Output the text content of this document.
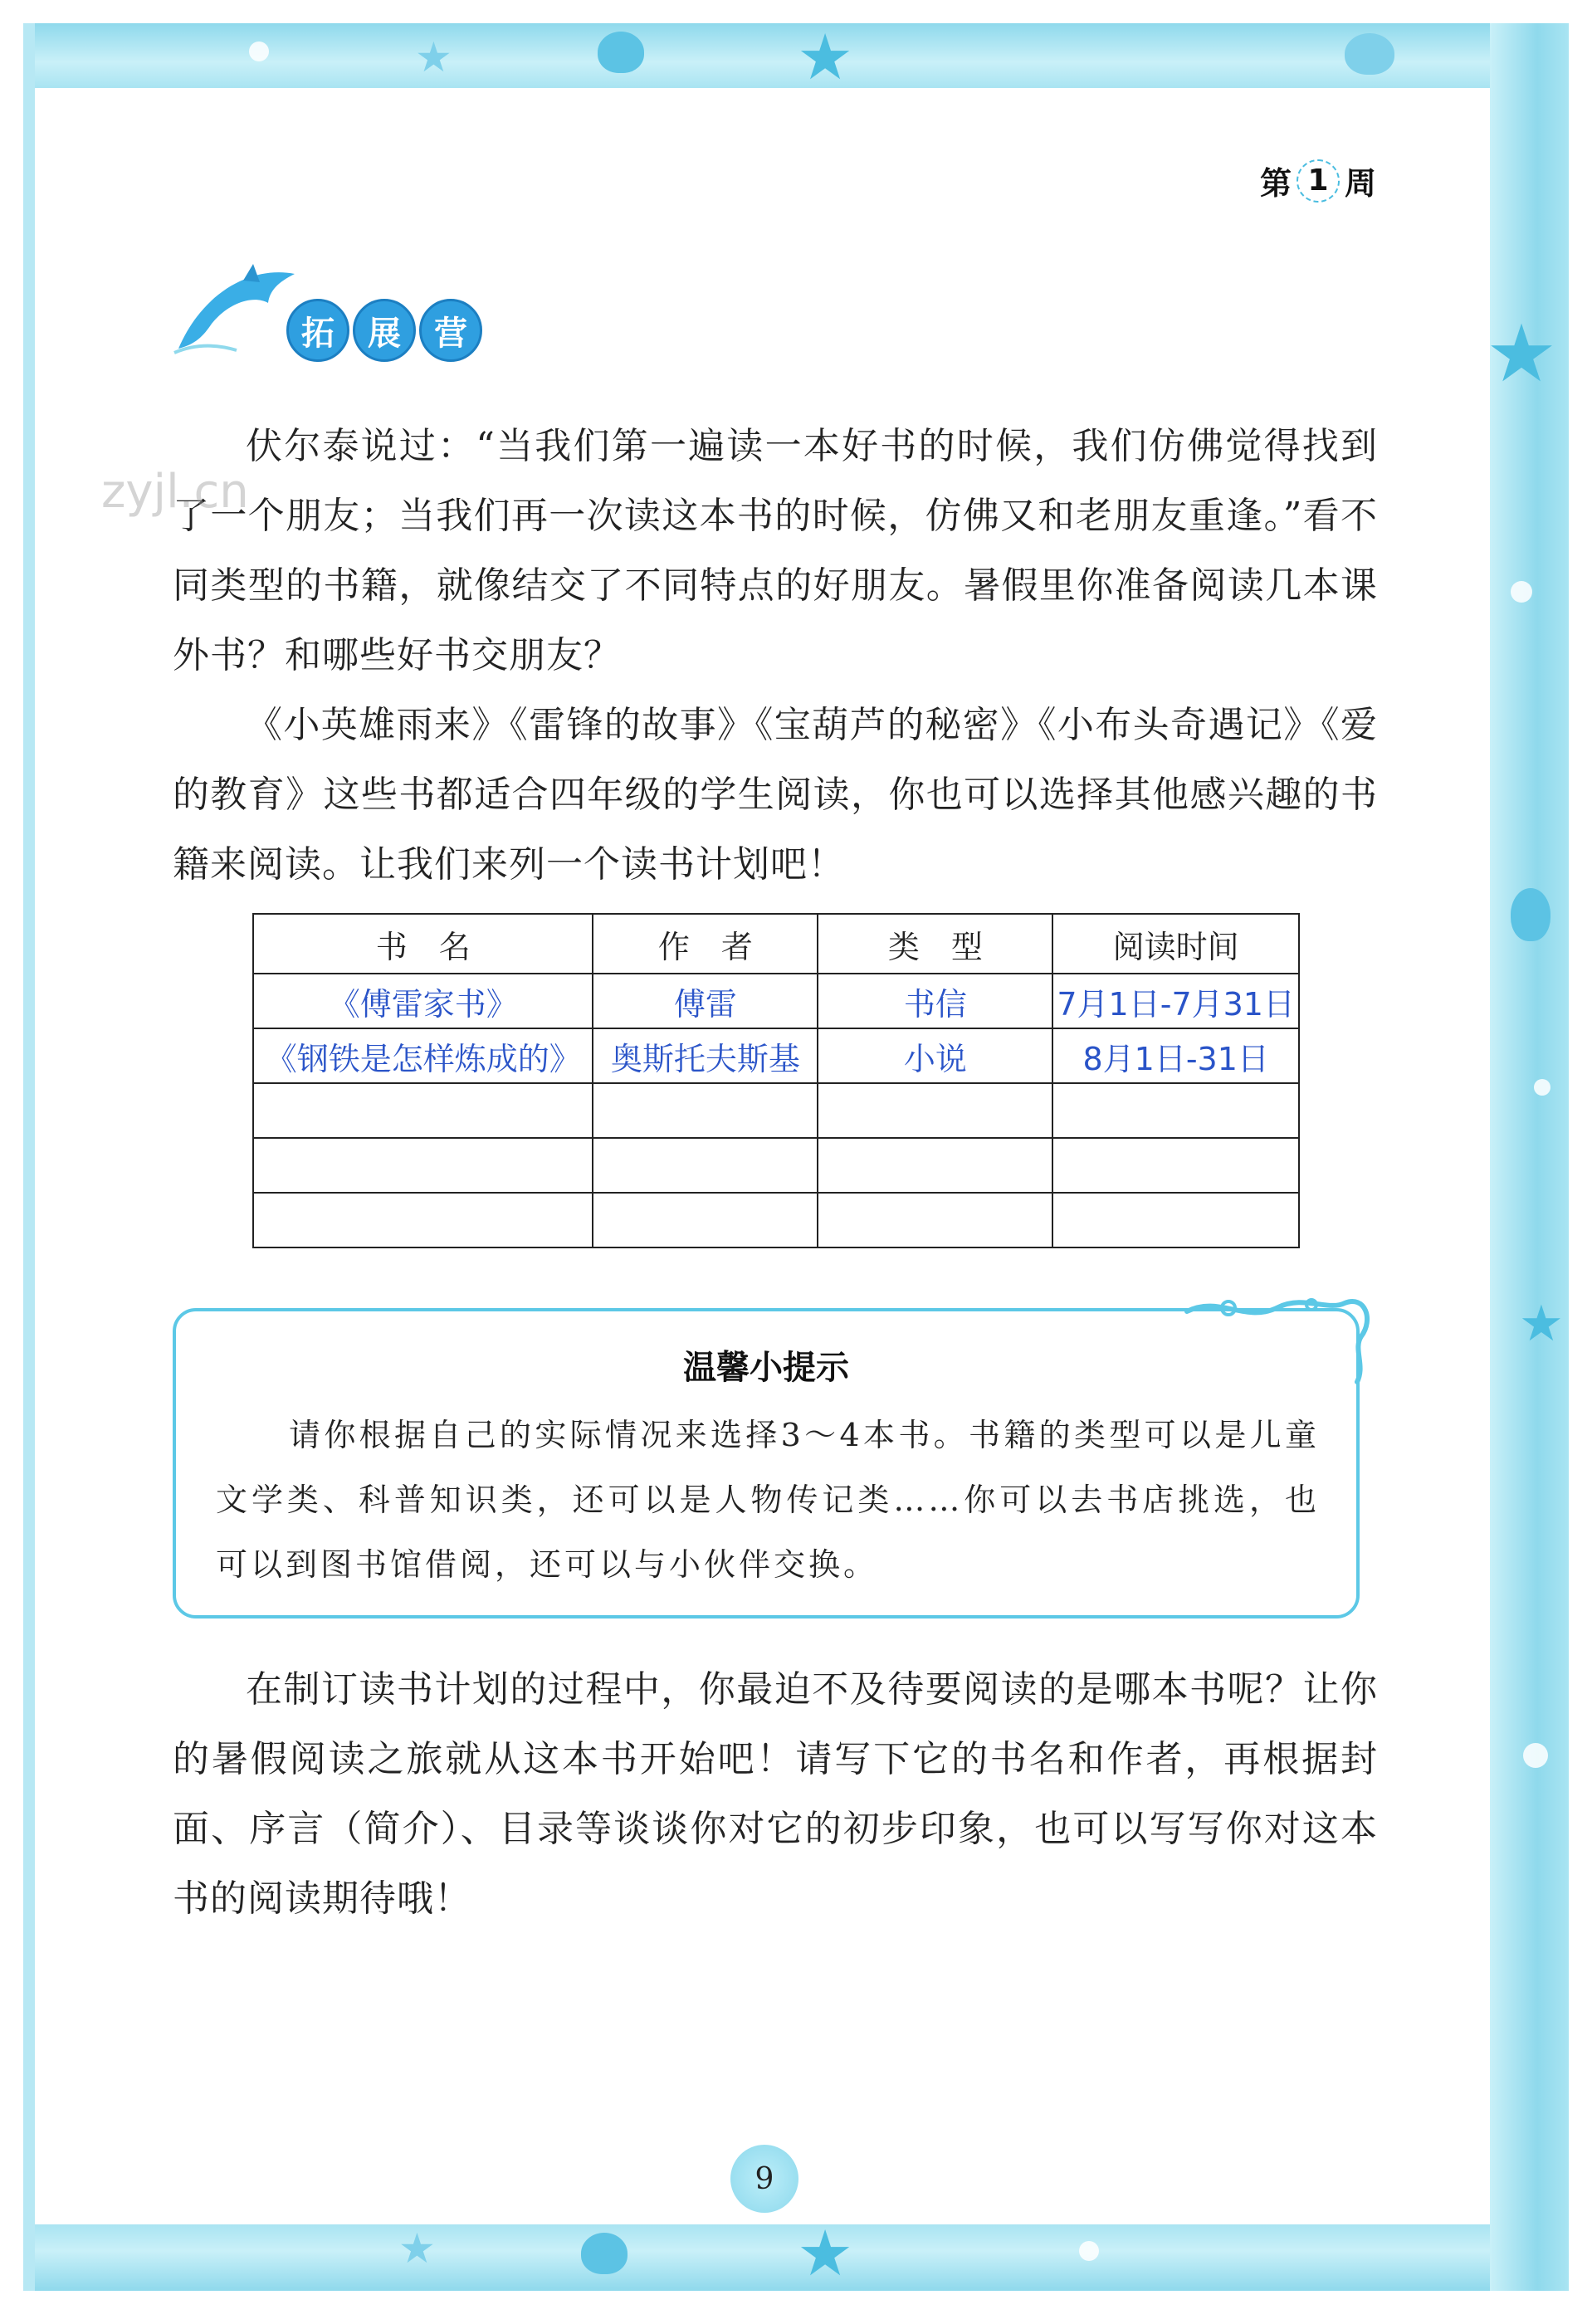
★
★
★
★
★
★
第 1 周
拓	展	营
zyjl.cn

伏尔泰说过：“当我们第一遍读一本好书的时候，我们仿佛觉得找到了一个朋友；当我们再一次读这本书的时候，仿佛又和老朋友重逢。”看不同类型的书籍，就像结交了不同特点的好朋友。暑假里你准备阅读几本课外书？和哪些好书交朋友？

《小英雄雨来》《雷锋的故事》《宝葫芦的秘密》《小布头奇遇记》《爱的教育》这些书都适合四年级的学生阅读，你也可以选择其他感兴趣的书籍来阅读。让我们来列一个读书计划吧！

书　名	作　者	类　型	阅读时间
《傅雷家书》	傅雷	书信	7月1日-7月31日
《钢铁是怎样炼成的》	奥斯托夫斯基	小说	8月1日-31日

温馨小提示
请你根据自己的实际情况来选择3～4本书。书籍的类型可以是儿童文学类、科普知识类，还可以是人物传记类……你可以去书店挑选，也可以到图书馆借阅，还可以与小伙伴交换。

在制订读书计划的过程中，你最迫不及待要阅读的是哪本书呢？让你的暑假阅读之旅就从这本书开始吧！请写下它的书名和作者，再根据封面、序言（简介）、目录等谈谈你对它的初步印象，也可以写写你对这本书的阅读期待哦！

9
